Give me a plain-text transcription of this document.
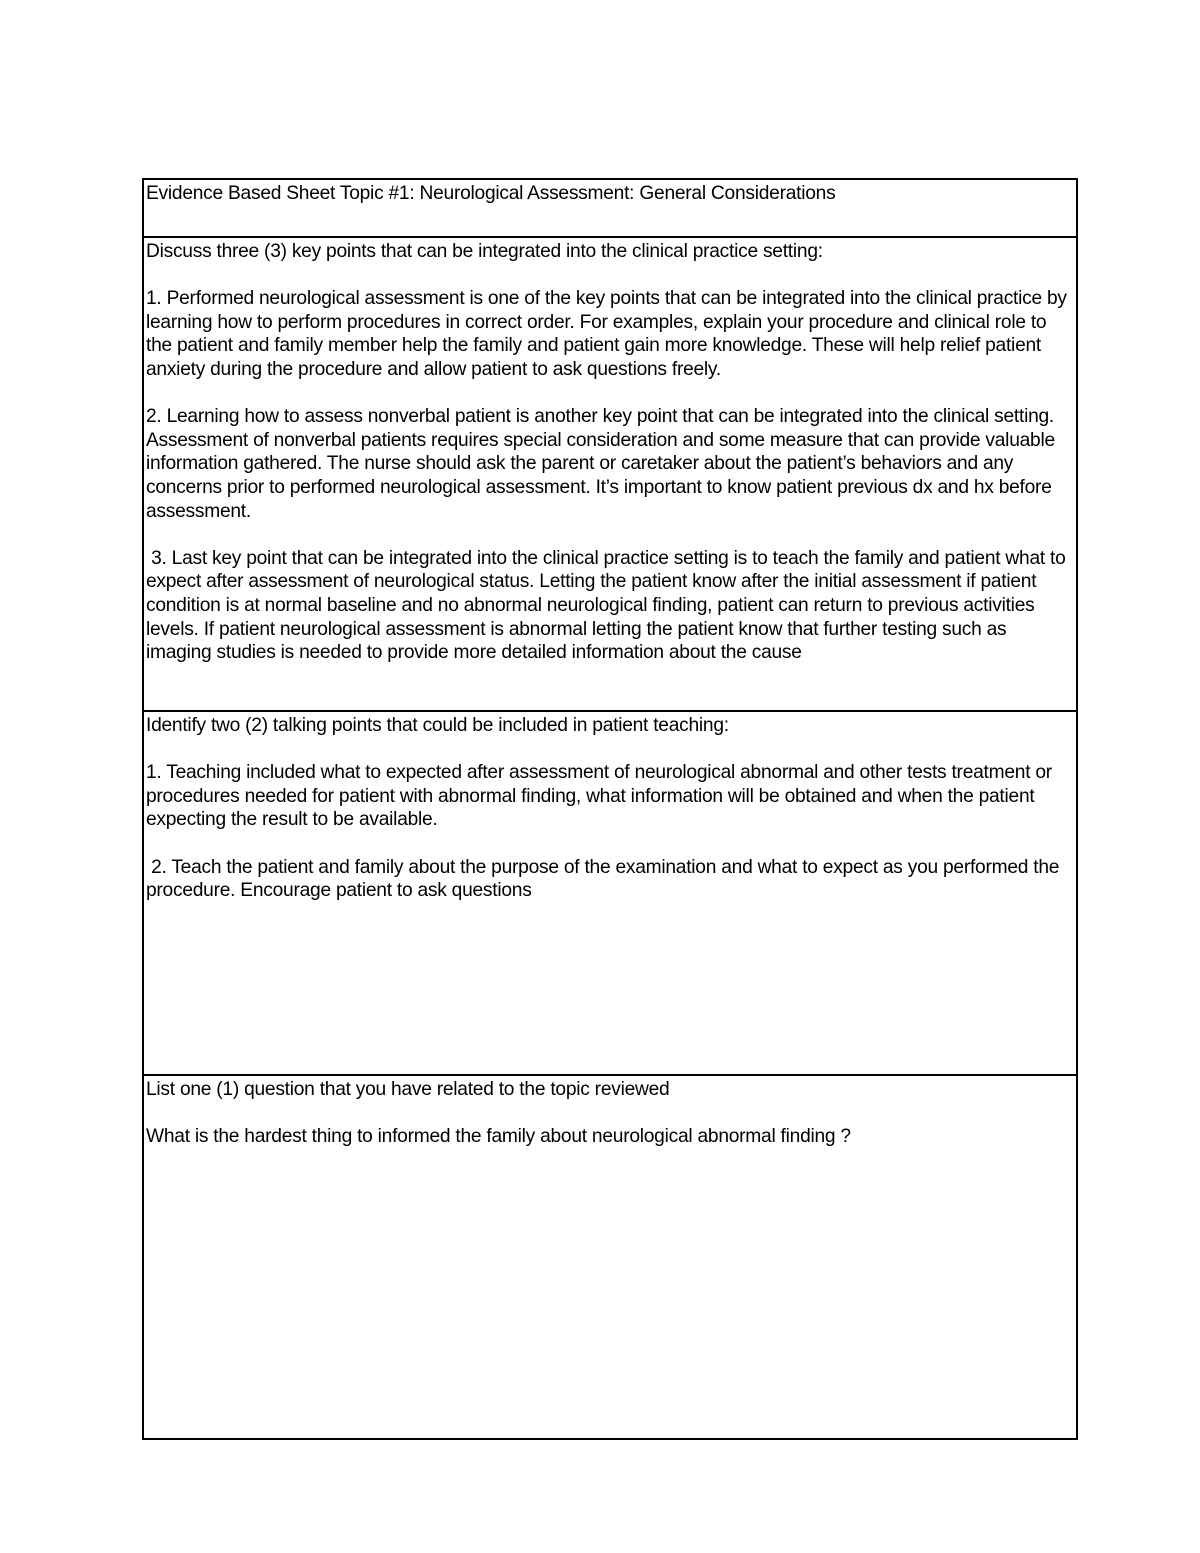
Evidence Based Sheet Topic #1: Neurological Assessment: General Considerations

Discuss three (3) key points that can be integrated into the clinical practice setting:

1. Performed neurological assessment is one of the key points that can be integrated into the clinical practice by learning how to perform procedures in correct order. For examples, explain your procedure and clinical role to the patient and family member help the family and patient gain more knowledge. These will help relief patient anxiety during the procedure and allow patient to ask questions freely.

2. Learning how to assess nonverbal patient is another key point that can be integrated into the clinical setting. Assessment of nonverbal patients requires special consideration and some measure that can provide valuable information gathered. The nurse should ask the parent or caretaker about the patient’s behaviors and any concerns prior to performed neurological assessment. It’s important to know patient previous dx and hx before assessment.

3. Last key point that can be integrated into the clinical practice setting is to teach the family and patient what to expect after assessment of neurological status. Letting the patient know after the initial assessment if patient condition is at normal baseline and no abnormal neurological finding, patient can return to previous activities levels. If patient neurological assessment is abnormal letting the patient know that further testing such as imaging studies is needed to provide more detailed information about the cause

Identify two (2) talking points that could be included in patient teaching:

1. Teaching included what to expected after assessment of neurological abnormal and other tests treatment or procedures needed for patient with abnormal finding, what information will be obtained and when the patient expecting the result to be available.

2. Teach the patient and family about the purpose of the examination and what to expect as you performed the procedure. Encourage patient to ask questions

List one (1) question that you have related to the topic reviewed

What is the hardest thing to informed the family about neurological abnormal finding ?
